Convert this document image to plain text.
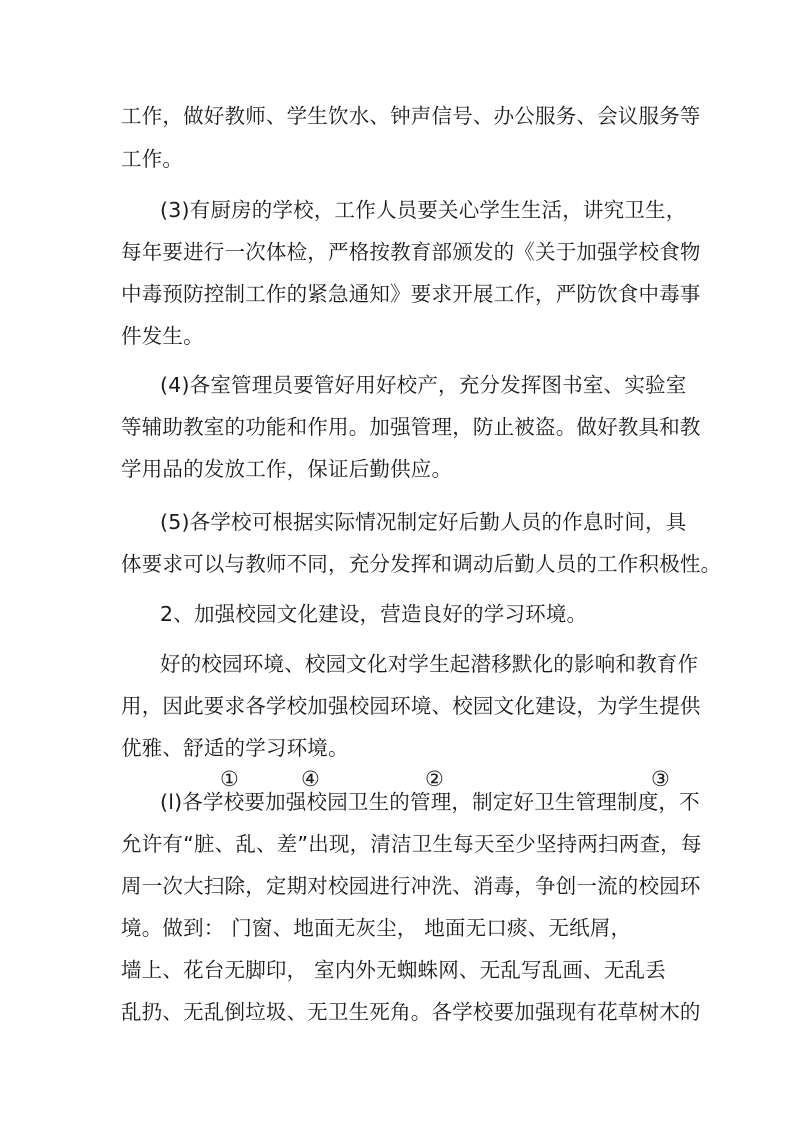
工作，做好教师、学生饮水、钟声信号、办公服务、会议服务等
工作。
(3)有厨房的学校，工作人员要关心学生生活，讲究卫生，
每年要进行一次体检，严格按教育部颁发的《关于加强学校食物
中毒预防控制工作的紧急通知》要求开展工作，严防饮食中毒事
件发生。
(4)各室管理员要管好用好校产，充分发挥图书室、实验室
等辅助教室的功能和作用。加强管理，防止被盗。做好教具和教
学用品的发放工作，保证后勤供应。
(5)各学校可根据实际情况制定好后勤人员的作息时间，具
体要求可以与教师不同，充分发挥和调动后勤人员的工作积极性。
2、加强校园文化建设，营造良好的学习环境。
好的校园环境、校园文化对学生起潜移默化的影响和教育作
用，因此要求各学校加强校园环境、校园文化建设，为学生提供
优雅、舒适的学习环境。
①	④	②	③
(l)各学校要加强校园卫生的管理，制定好卫生管理制度，不
允许有“脏、乱、差”出现，清洁卫生每天至少坚持两扫两查，每
周一次大扫除，定期对校园进行冲洗、消毒，争创一流的校园环
境。做到： 门窗、地面无灰尘， 地面无口痰、无纸屑，
墙上、花台无脚印， 室内外无蜘蛛网、无乱写乱画、无乱丢
乱扔、无乱倒垃圾、无卫生死角。各学校要加强现有花草树木的
